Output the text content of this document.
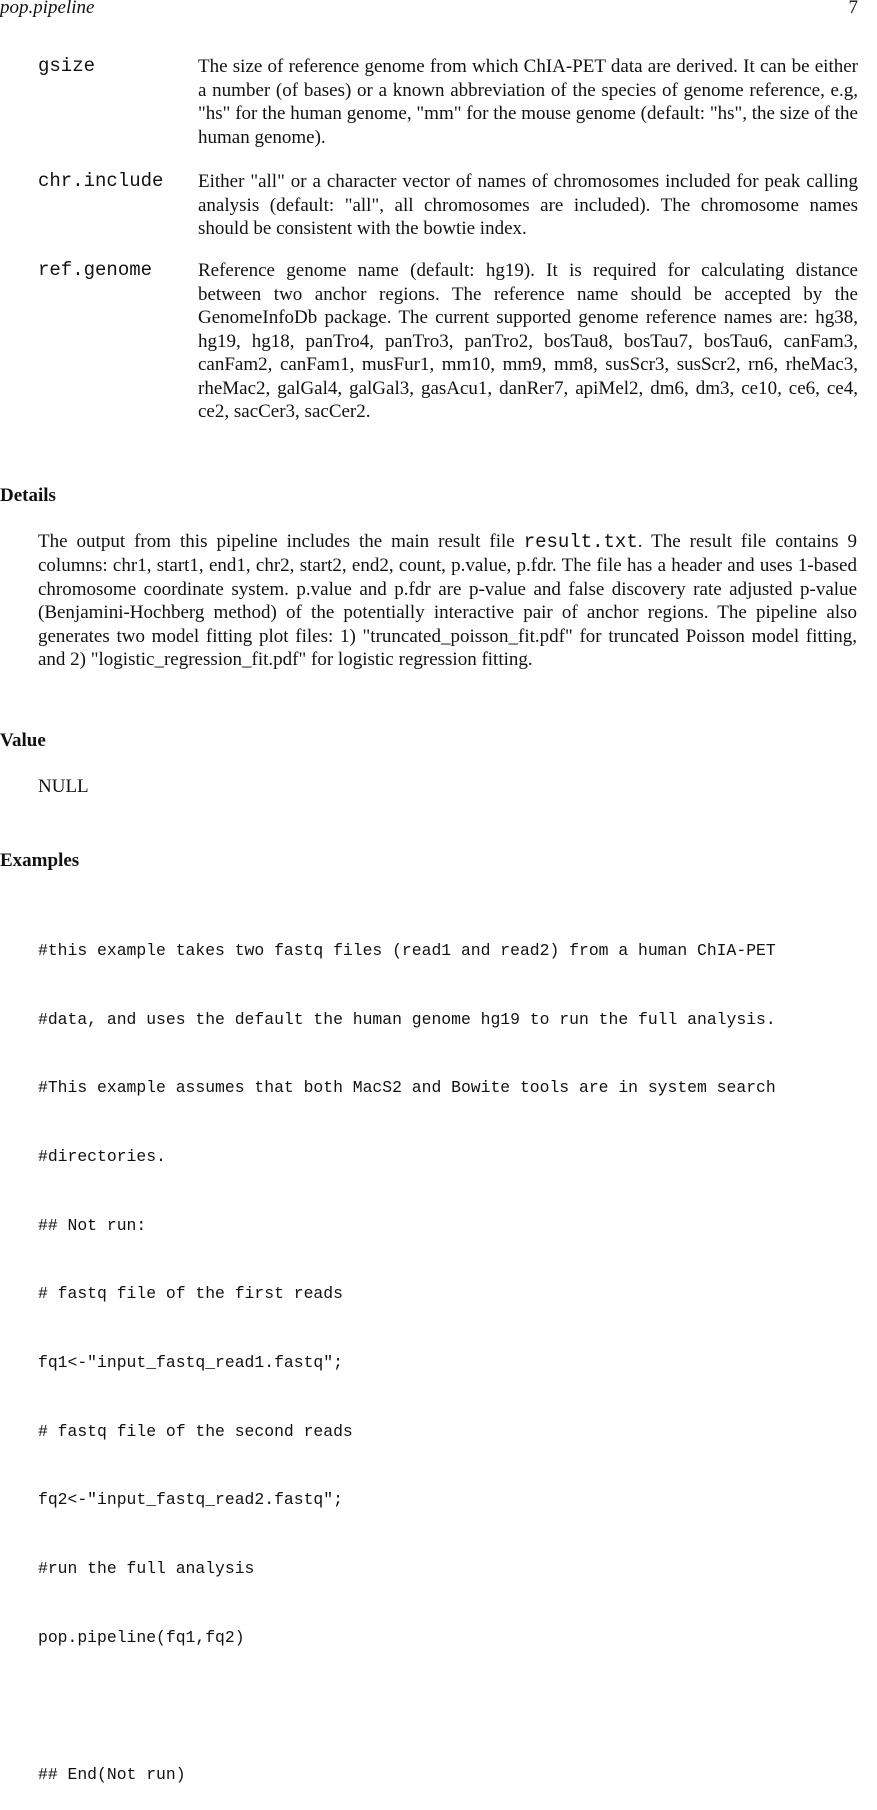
pop.pipeline	7
gsize	The size of reference genome from which ChIA-PET data are derived. It can be either a number (of bases) or a known abbreviation of the species of genome reference, e.g, "hs" for the human genome, "mm" for the mouse genome (default: "hs", the size of the human genome).
chr.include Either "all" or a character vector of names of chromosomes included for peak calling analysis (default: "all", all chromosomes are included). The chromosome names should be consistent with the bowtie index.
ref.genome Reference genome name (default: hg19). It is required for calculating distance between two anchor regions. The reference name should be accepted by the GenomeInfoDb package. The current supported genome reference names are: hg38, hg19, hg18, panTro4, panTro3, panTro2, bosTau8, bosTau7, bosTau6, canFam3, canFam2, canFam1, musFur1, mm10, mm9, mm8, susScr3, susScr2, rn6, rheMac3, rheMac2, galGal4, galGal3, gasAcu1, danRer7, apiMel2, dm6, dm3, ce10, ce6, ce4, ce2, sacCer3, sacCer2.
Details
The output from this pipeline includes the main result file result.txt. The result file contains 9 columns: chr1, start1, end1, chr2, start2, end2, count, p.value, p.fdr. The file has a header and uses 1-based chromosome coordinate system. p.value and p.fdr are p-value and false discovery rate adjusted p-value (Benjamini-Hochberg method) of the potentially interactive pair of anchor regions. The pipeline also generates two model fitting plot files: 1) "truncated_poisson_fit.pdf" for truncated Poisson model fitting, and 2) "logistic_regression_fit.pdf" for logistic regression fitting.
Value
NULL
Examples

#this example takes two fastq files (read1 and read2) from a human ChIA-PET

#data, and uses the default the human genome hg19 to run the full analysis.

#This example assumes that both MacS2 and Bowite tools are in system search

#directories.

## Not run:

# fastq file of the first reads

fq1<-"input_fastq_read1.fastq";

# fastq file of the second reads

fq2<-"input_fastq_read2.fastq";

#run the full analysis

pop.pipeline(fq1,fq2)

## End(Not run)
